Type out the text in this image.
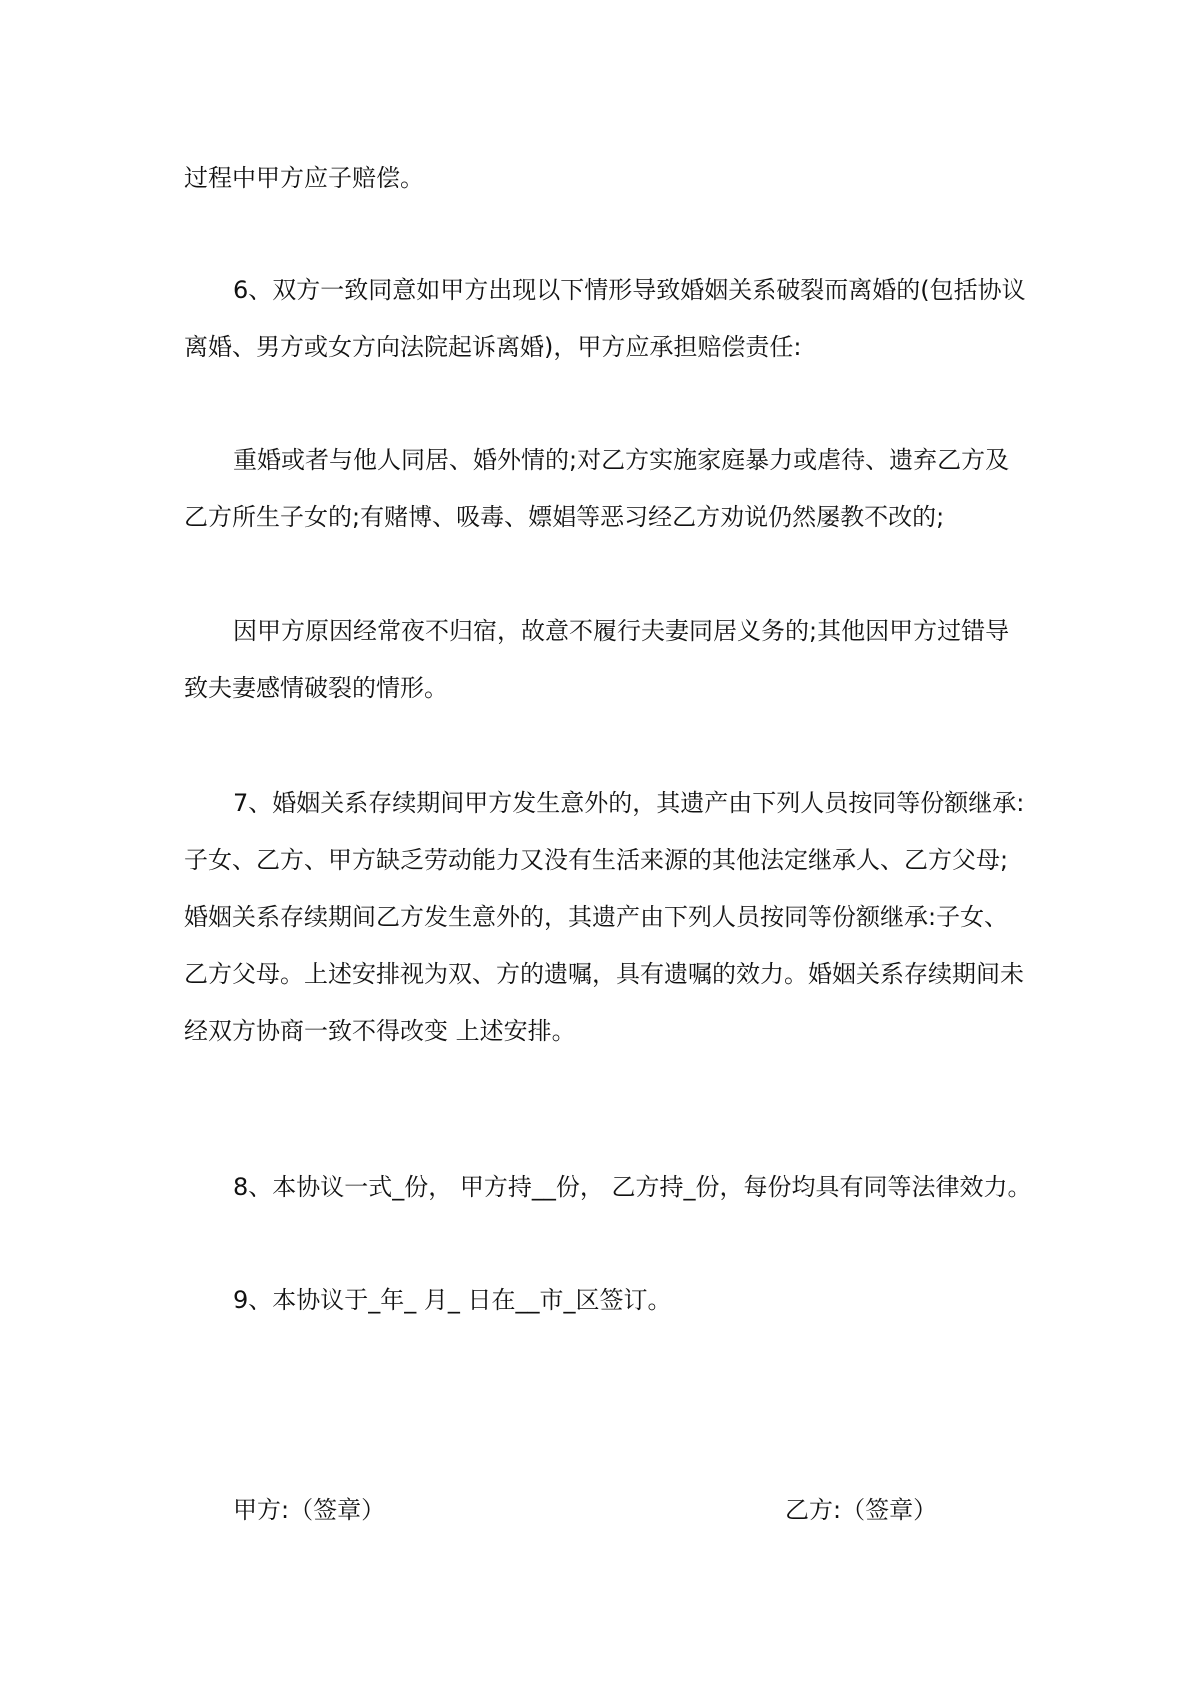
过程中甲方应子赔偿。
6、双方一致同意如甲方出现以下情形导致婚姻关系破裂而离婚的(包括协议
离婚、男方或女方向法院起诉离婚)，甲方应承担赔偿责任:
重婚或者与他人同居、婚外情的;对乙方实施家庭暴力或虐待、遗弃乙方及
乙方所生子女的;有赌博、吸毒、嫖娼等恶习经乙方劝说仍然屡教不改的;
因甲方原因经常夜不归宿，故意不履行夫妻同居义务的;其他因甲方过错导
致夫妻感情破裂的情形。
7、婚姻关系存续期间甲方发生意外的，其遗产由下列人员按同等份额继承:
子女、乙方、甲方缺乏劳动能力又没有生活来源的其他法定继承人、乙方父母;
婚姻关系存续期间乙方发生意外的，其遗产由下列人员按同等份额继承:子女、
乙方父母。上述安排视为双、方的遗嘱，具有遗嘱的效力。婚姻关系存续期间未
经双方协商一致不得改变 上述安排。
8、本协议一式_份， 甲方持__份， 乙方持_份，每份均具有同等法律效力。
9、本协议于_年_ 月_ 日在__市_区签订。
甲方:（签章）	乙方:（签章）
